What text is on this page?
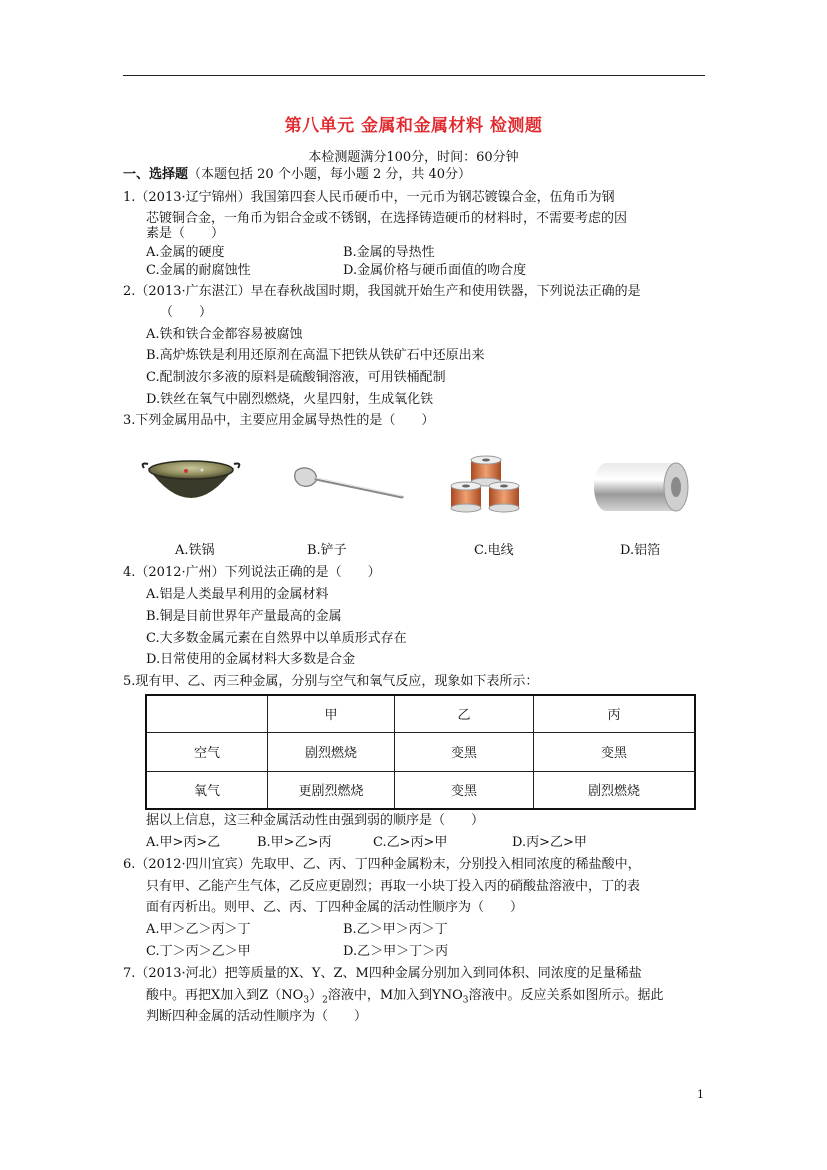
第八单元 金属和金属材料 检测题
本检测题满分100分，时间：60分钟
一、选择题（本题包括 20 个小题，每小题 2 分，共 40分）
1.（2013·辽宁锦州）我国第四套人民币硬币中，一元币为钢芯镀镍合金，伍角币为钢
芯镀铜合金，一角币为铝合金或不锈钢，在选择铸造硬币的材料时，不需要考虑的因
素是（　　）
A.金属的硬度	B.金属的导热性
C.金属的耐腐蚀性	D.金属价格与硬币面值的吻合度
2.（2013·广东湛江）早在春秋战国时期，我国就开始生产和使用铁器，下列说法正确的是
（　　）
A.铁和铁合金都容易被腐蚀
B.高炉炼铁是利用还原剂在高温下把铁从铁矿石中还原出来
C.配制波尔多液的原料是硫酸铜溶液，可用铁桶配制
D.铁丝在氧气中剧烈燃烧，火星四射，生成氧化铁
3.下列金属用品中，主要应用金属导热性的是（　　）
A.铁锅	B.铲子	C.电线	D.铝箔
4.（2012·广州）下列说法正确的是（　　）
A.铝是人类最早利用的金属材料
B.铜是目前世界年产量最高的金属
C.大多数金属元素在自然界中以单质形式存在
D.日常使用的金属材料大多数是合金
5.现有甲、乙、丙三种金属，分别与空气和氧气反应，现象如下表所示：
	甲	乙	丙
空气	剧烈燃烧	变黑	变黑
氧气	更剧烈燃烧	变黑	剧烈燃烧
据以上信息，这三种金属活动性由强到弱的顺序是（　　）
A.甲>丙>乙	B.甲>乙>丙	C.乙>丙>甲	D.丙>乙>甲
6.（2012·四川宜宾）先取甲、乙、丙、丁四种金属粉末，分别投入相同浓度的稀盐酸中，
只有甲、乙能产生气体，乙反应更剧烈；再取一小块丁投入丙的硝酸盐溶液中，丁的表
面有丙析出。则甲、乙、丙、丁四种金属的活动性顺序为（　　）
A.甲＞乙＞丙＞丁	B.乙＞甲＞丙＞丁
C.丁＞丙＞乙＞甲	D.乙＞甲＞丁＞丙
7.（2013·河北）把等质量的X、Y、Z、M四种金属分别加入到同体积、同浓度的足量稀盐
酸中。再把X加入到$Z(NO_3)_2$溶液中，M加入到$YNO_3$溶液中。反应关系如图所示。据此
判断四种金属的活动性顺序为（　　）
1
